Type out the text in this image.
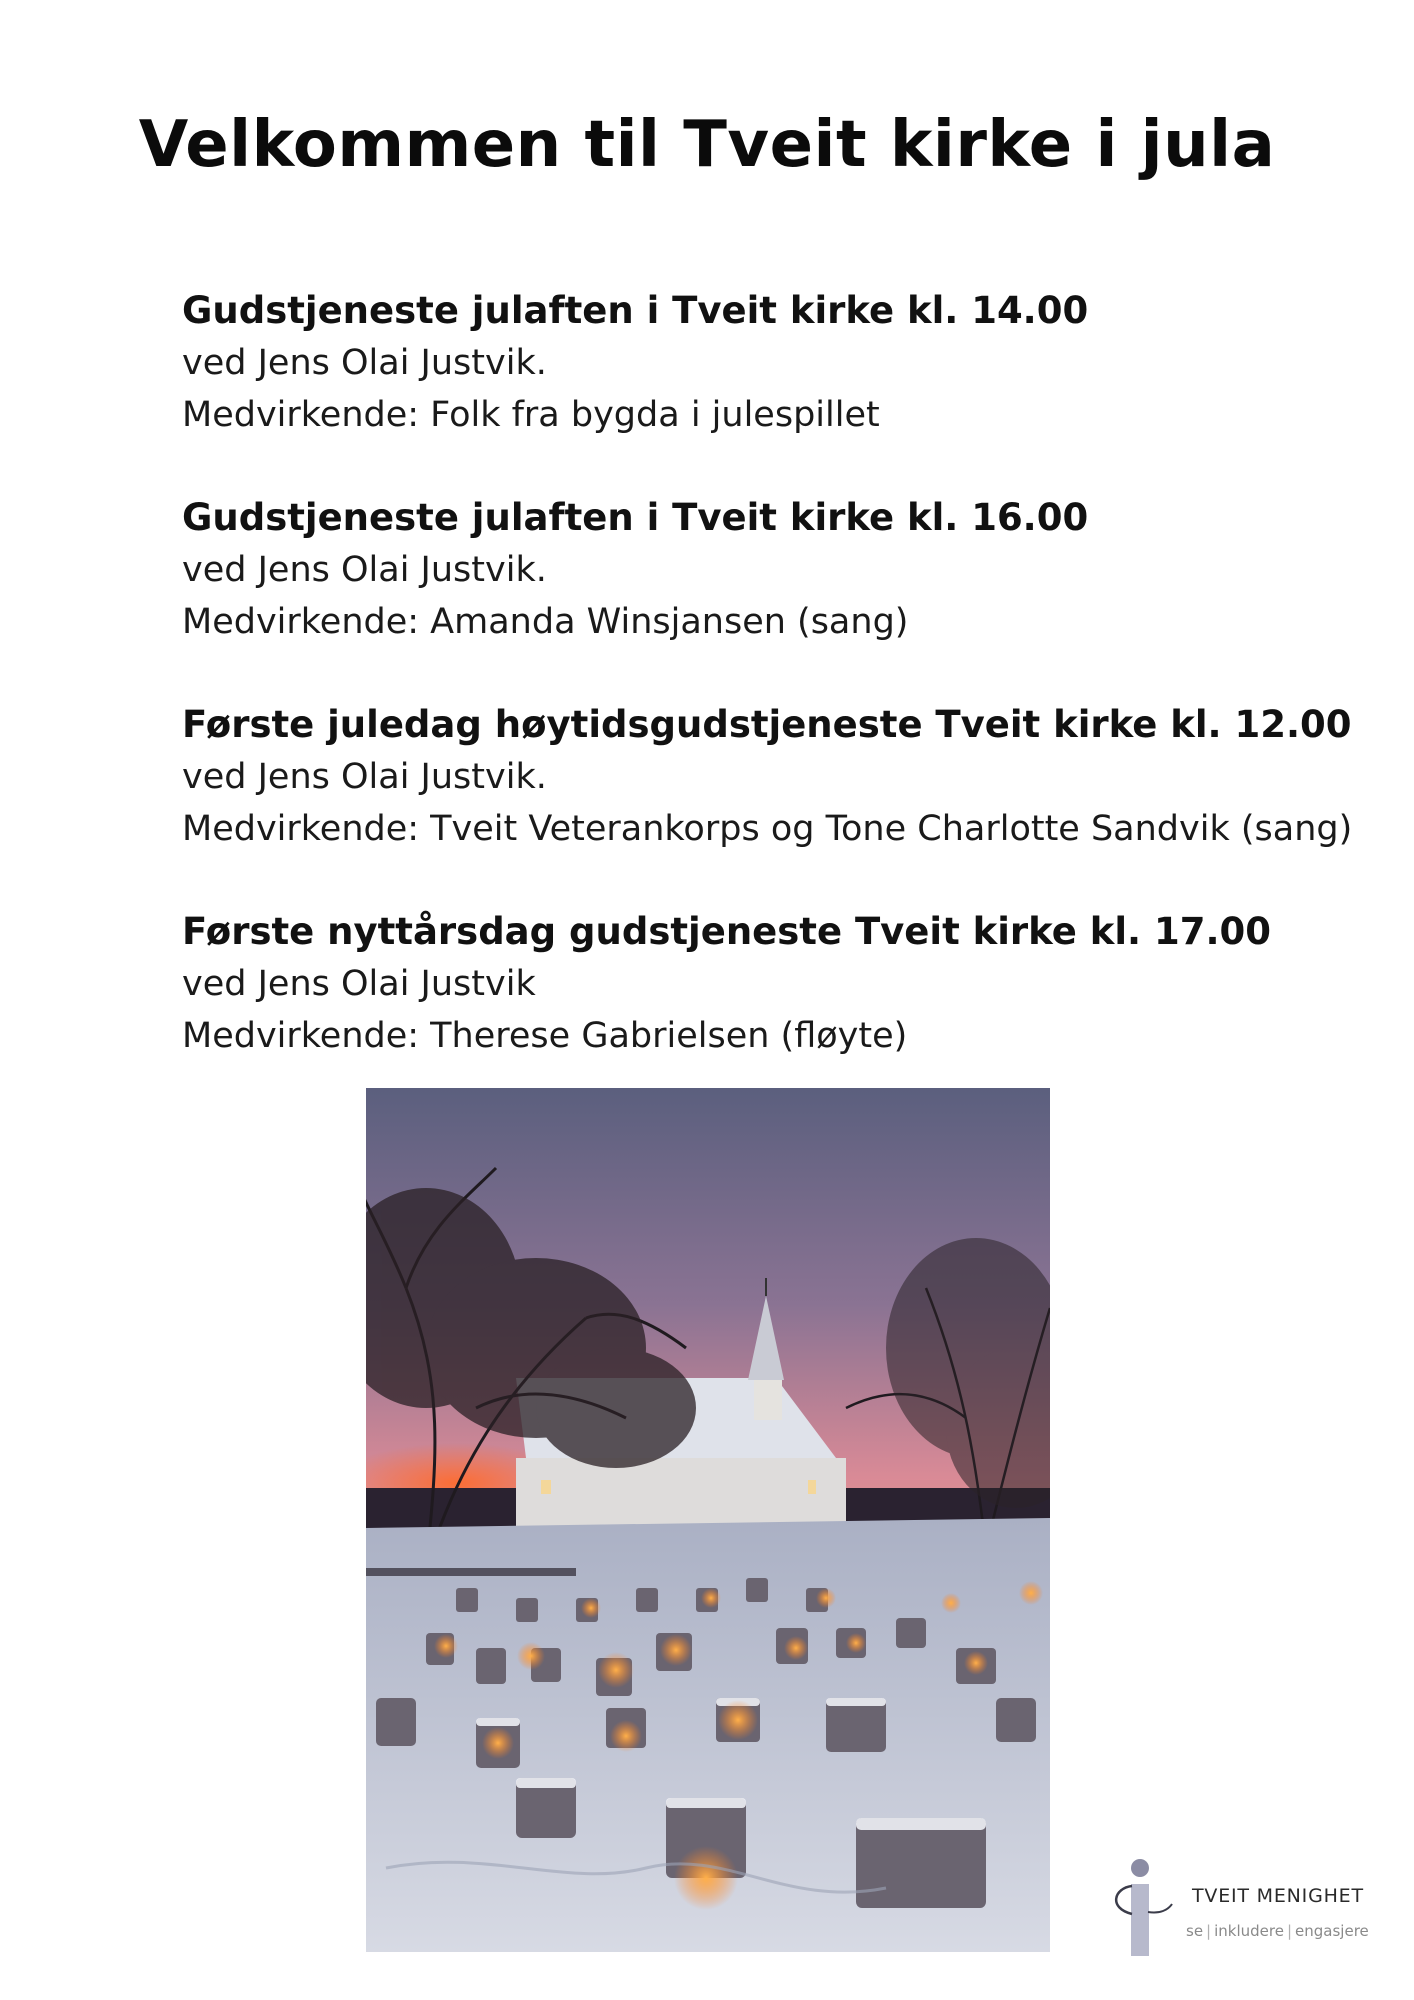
Velkommen til Tveit kirke i jula

Gudstjeneste julaften i Tveit kirke kl. 14.00

ved Jens Olai Justvik.

Medvirkende: Folk fra bygda i julespillet

Gudstjeneste julaften i Tveit kirke kl. 16.00

ved Jens Olai Justvik.

Medvirkende: Amanda Winsjansen (sang)

Første juledag høytidsgudstjeneste Tveit kirke kl. 12.00

ved Jens Olai Justvik.

Medvirkende: Tveit Veterankorps og Tone Charlotte Sandvik (sang)

Første nyttårsdag gudstjeneste Tveit kirke kl. 17.00

ved Jens Olai Justvik

Medvirkende: Therese Gabrielsen (fløyte)

TVEIT MENIGHET
se | inkludere | engasjere
